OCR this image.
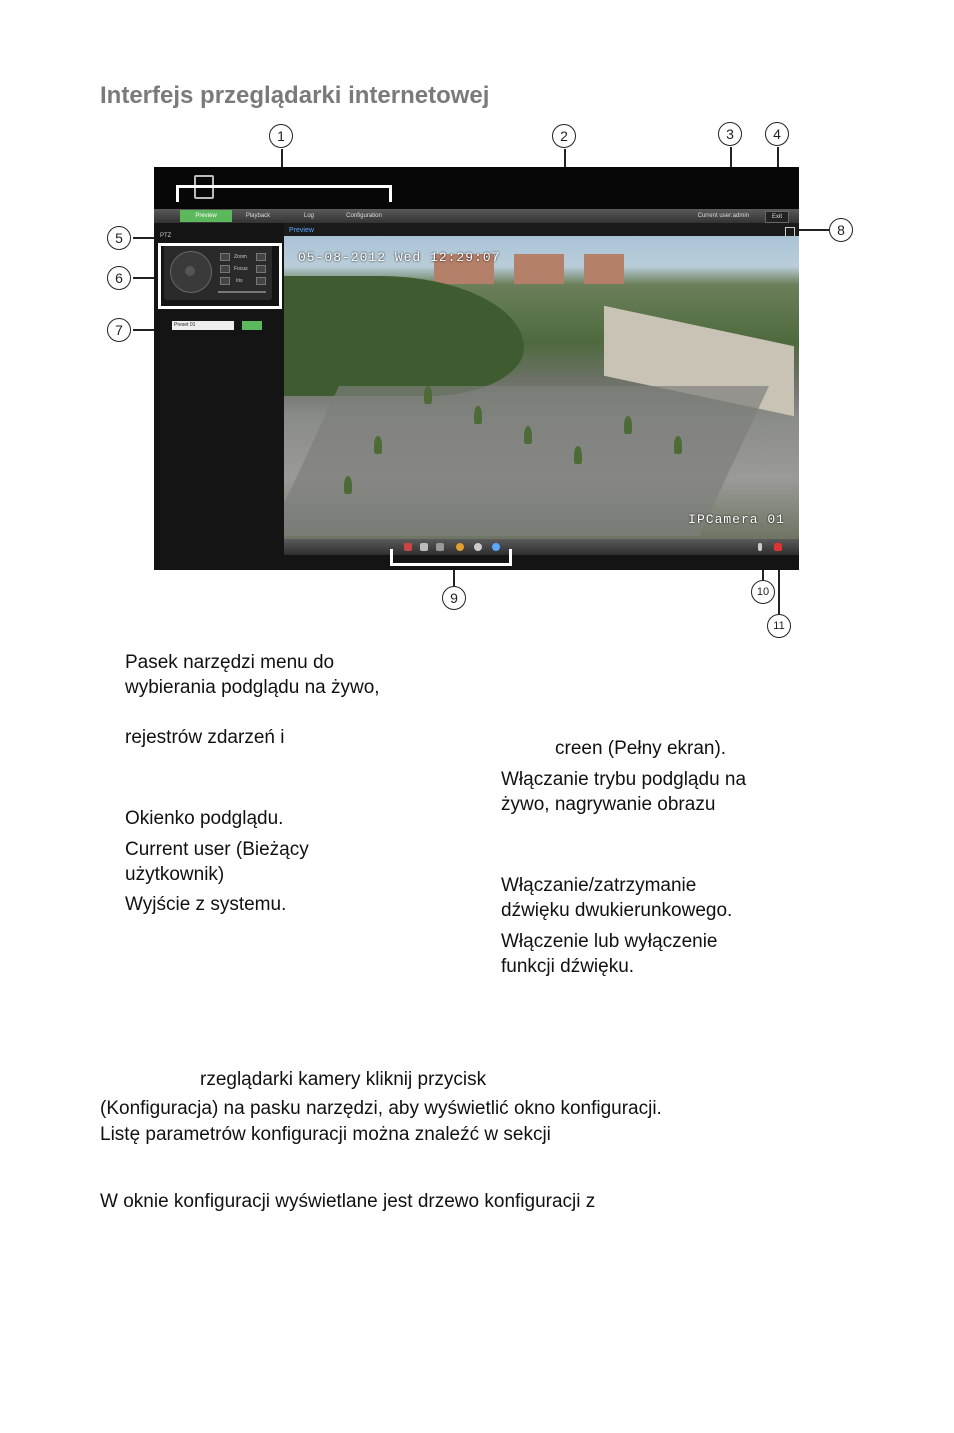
Interfejs przeglądarki internetowej
1	2	3	4
5
6
7
8
9	10
11
Preview	Playback	Log	Configuration	Current user:admin	Exit
PTZ
Zoom
Focus
Iris
Preset 01
Preview
05-08-2012 Wed 12:29:07
IPCamera 01
Pasek narzędzi menu do
wybierania podglądu na żywo,
rejestrów zdarzeń i
Okienko podglądu.
Current user (Bieżący
użytkownik)
Wyjście z systemu.
creen (Pełny ekran).
Włączanie trybu podglądu na
żywo, nagrywanie obrazu
Włączanie/zatrzymanie
dźwięku dwukierunkowego.
Włączenie lub wyłączenie
funkcji dźwięku.
rzeglądarki kamery kliknij przycisk
(Konfiguracja) na pasku narzędzi, aby wyświetlić okno konfiguracji.
Listę parametrów konfiguracji można znaleźć w sekcji
W oknie konfiguracji wyświetlane jest drzewo konfiguracji z
